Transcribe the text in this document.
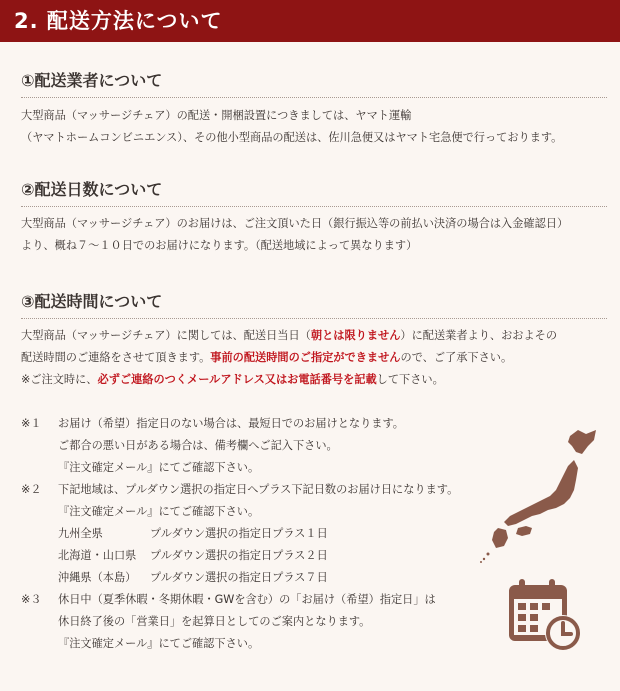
2. 配送方法について
①配送業者について
大型商品（マッサージチェア）の配送・開梱設置につきましては、ヤマト運輸
（ヤマトホームコンビニエンス）、その他小型商品の配送は、佐川急便又はヤマト宅急便で行っております。
②配送日数について
大型商品（マッサージチェア）のお届けは、ご注文頂いた日（銀行振込等の前払い決済の場合は入金確認日）
より、概ね７〜１０日でのお届けになります。（配送地域によって異なります）
③配送時間について
大型商品（マッサージチェア）に関しては、配送日当日（朝とは限りません）に配送業者より、おおよその
配送時間のご連絡をさせて頂きます。事前の配送時間のご指定ができませんので、ご了承下さい。
※ご注文時に、必ずご連絡のつくメールアドレス又はお電話番号を記載して下さい。
※１ お届け（希望）指定日のない場合は、最短日でのお届けとなります。
ご都合の悪い日がある場合は、備考欄へご記入下さい。
『注文確定メール』にてご確認下さい。
※２ 下記地域は、プルダウン選択の指定日へプラス下記日数のお届け日になります。
『注文確定メール』にてご確認下さい。
九州全県	プルダウン選択の指定日プラス１日
北海道・山口県 プルダウン選択の指定日プラス２日
沖縄県（本島） プルダウン選択の指定日プラス７日
※３ 休日中（夏季休暇・冬期休暇・GWを含む）の「お届け（希望）指定日」は
休日終了後の「営業日」を起算日としてのご案内となります。
『注文確定メール』にてご確認下さい。
